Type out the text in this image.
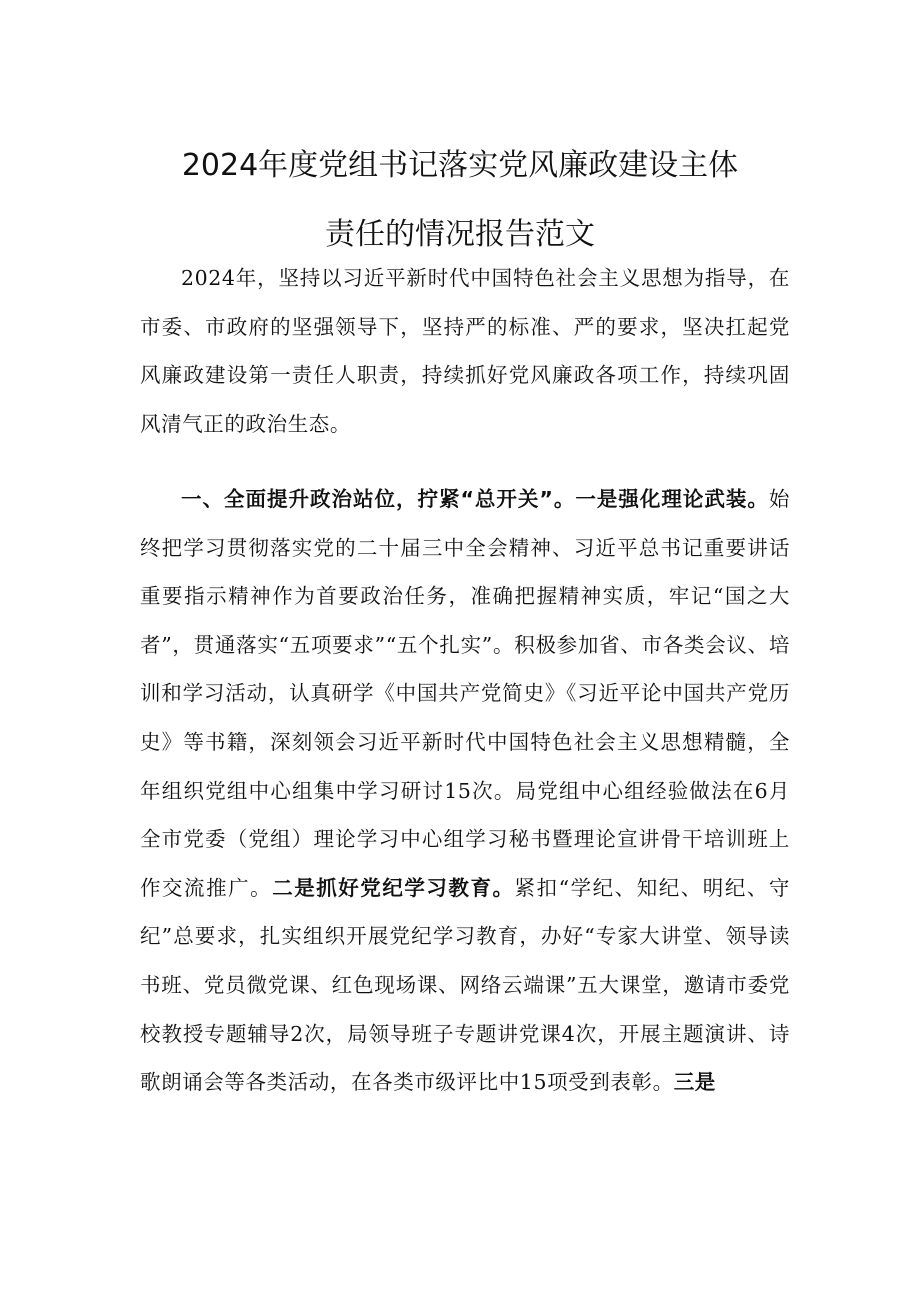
2024年度党组书记落实党风廉政建设主体
责任的情况报告范文

2024年，坚持以习近平新时代中国特色社会主义思想为指导，在市委、市政府的坚强领导下，坚持严的标准、严的要求，坚决扛起党风廉政建设第一责任人职责，持续抓好党风廉政各项工作，持续巩固风清气正的政治生态。

一、全面提升政治站位，拧紧“总开关”。一是强化理论武装。始终把学习贯彻落实党的二十届三中全会精神、习近平总书记重要讲话重要指示精神作为首要政治任务，准确把握精神实质，牢记“国之大者”，贯通落实“五项要求”“五个扎实”。积极参加省、市各类会议、培训和学习活动，认真研学《中国共产党简史》《习近平论中国共产党历史》等书籍，深刻领会习近平新时代中国特色社会主义思想精髓，全年组织党组中心组集中学习研讨15次。局党组中心组经验做法在6月全市党委（党组）理论学习中心组学习秘书暨理论宣讲骨干培训班上作交流推广。二是抓好党纪学习教育。紧扣“学纪、知纪、明纪、守纪”总要求，扎实组织开展党纪学习教育，办好“专家大讲堂、领导读书班、党员微党课、红色现场课、网络云端课”五大课堂，邀请市委党校教授专题辅导2次，局领导班子专题讲党课4次，开展主题演讲、诗歌朗诵会等各类活动，在各类市级评比中15项受到表彰。三是
